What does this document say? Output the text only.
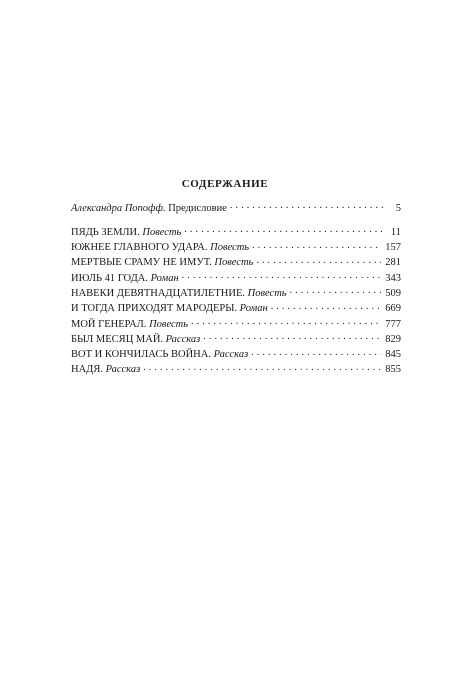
СОДЕРЖАНИЕ
Александра Попофф. Предисловие . . .	5
ПЯДЬ ЗЕМЛИ. Повесть . . .	11
ЮЖНЕЕ ГЛАВНОГО УДАРА. Повесть . . .	157
МЕРТВЫЕ СРАМУ НЕ ИМУТ. Повесть . . .	281
ИЮЛЬ 41 ГОДА. Роман . . .	343
НАВЕКИ ДЕВЯТНАДЦАТИЛЕТНИЕ. Повесть . . .	509
И ТОГДА ПРИХОДЯТ МАРОДЕРЫ. Роман . . .	669
МОЙ ГЕНЕРАЛ. Повесть . . .	777
БЫЛ МЕСЯЦ МАЙ. Рассказ . . .	829
ВОТ И КОНЧИЛАСЬ ВОЙНА. Рассказ . . .	845
НАДЯ. Рассказ . . .	855
